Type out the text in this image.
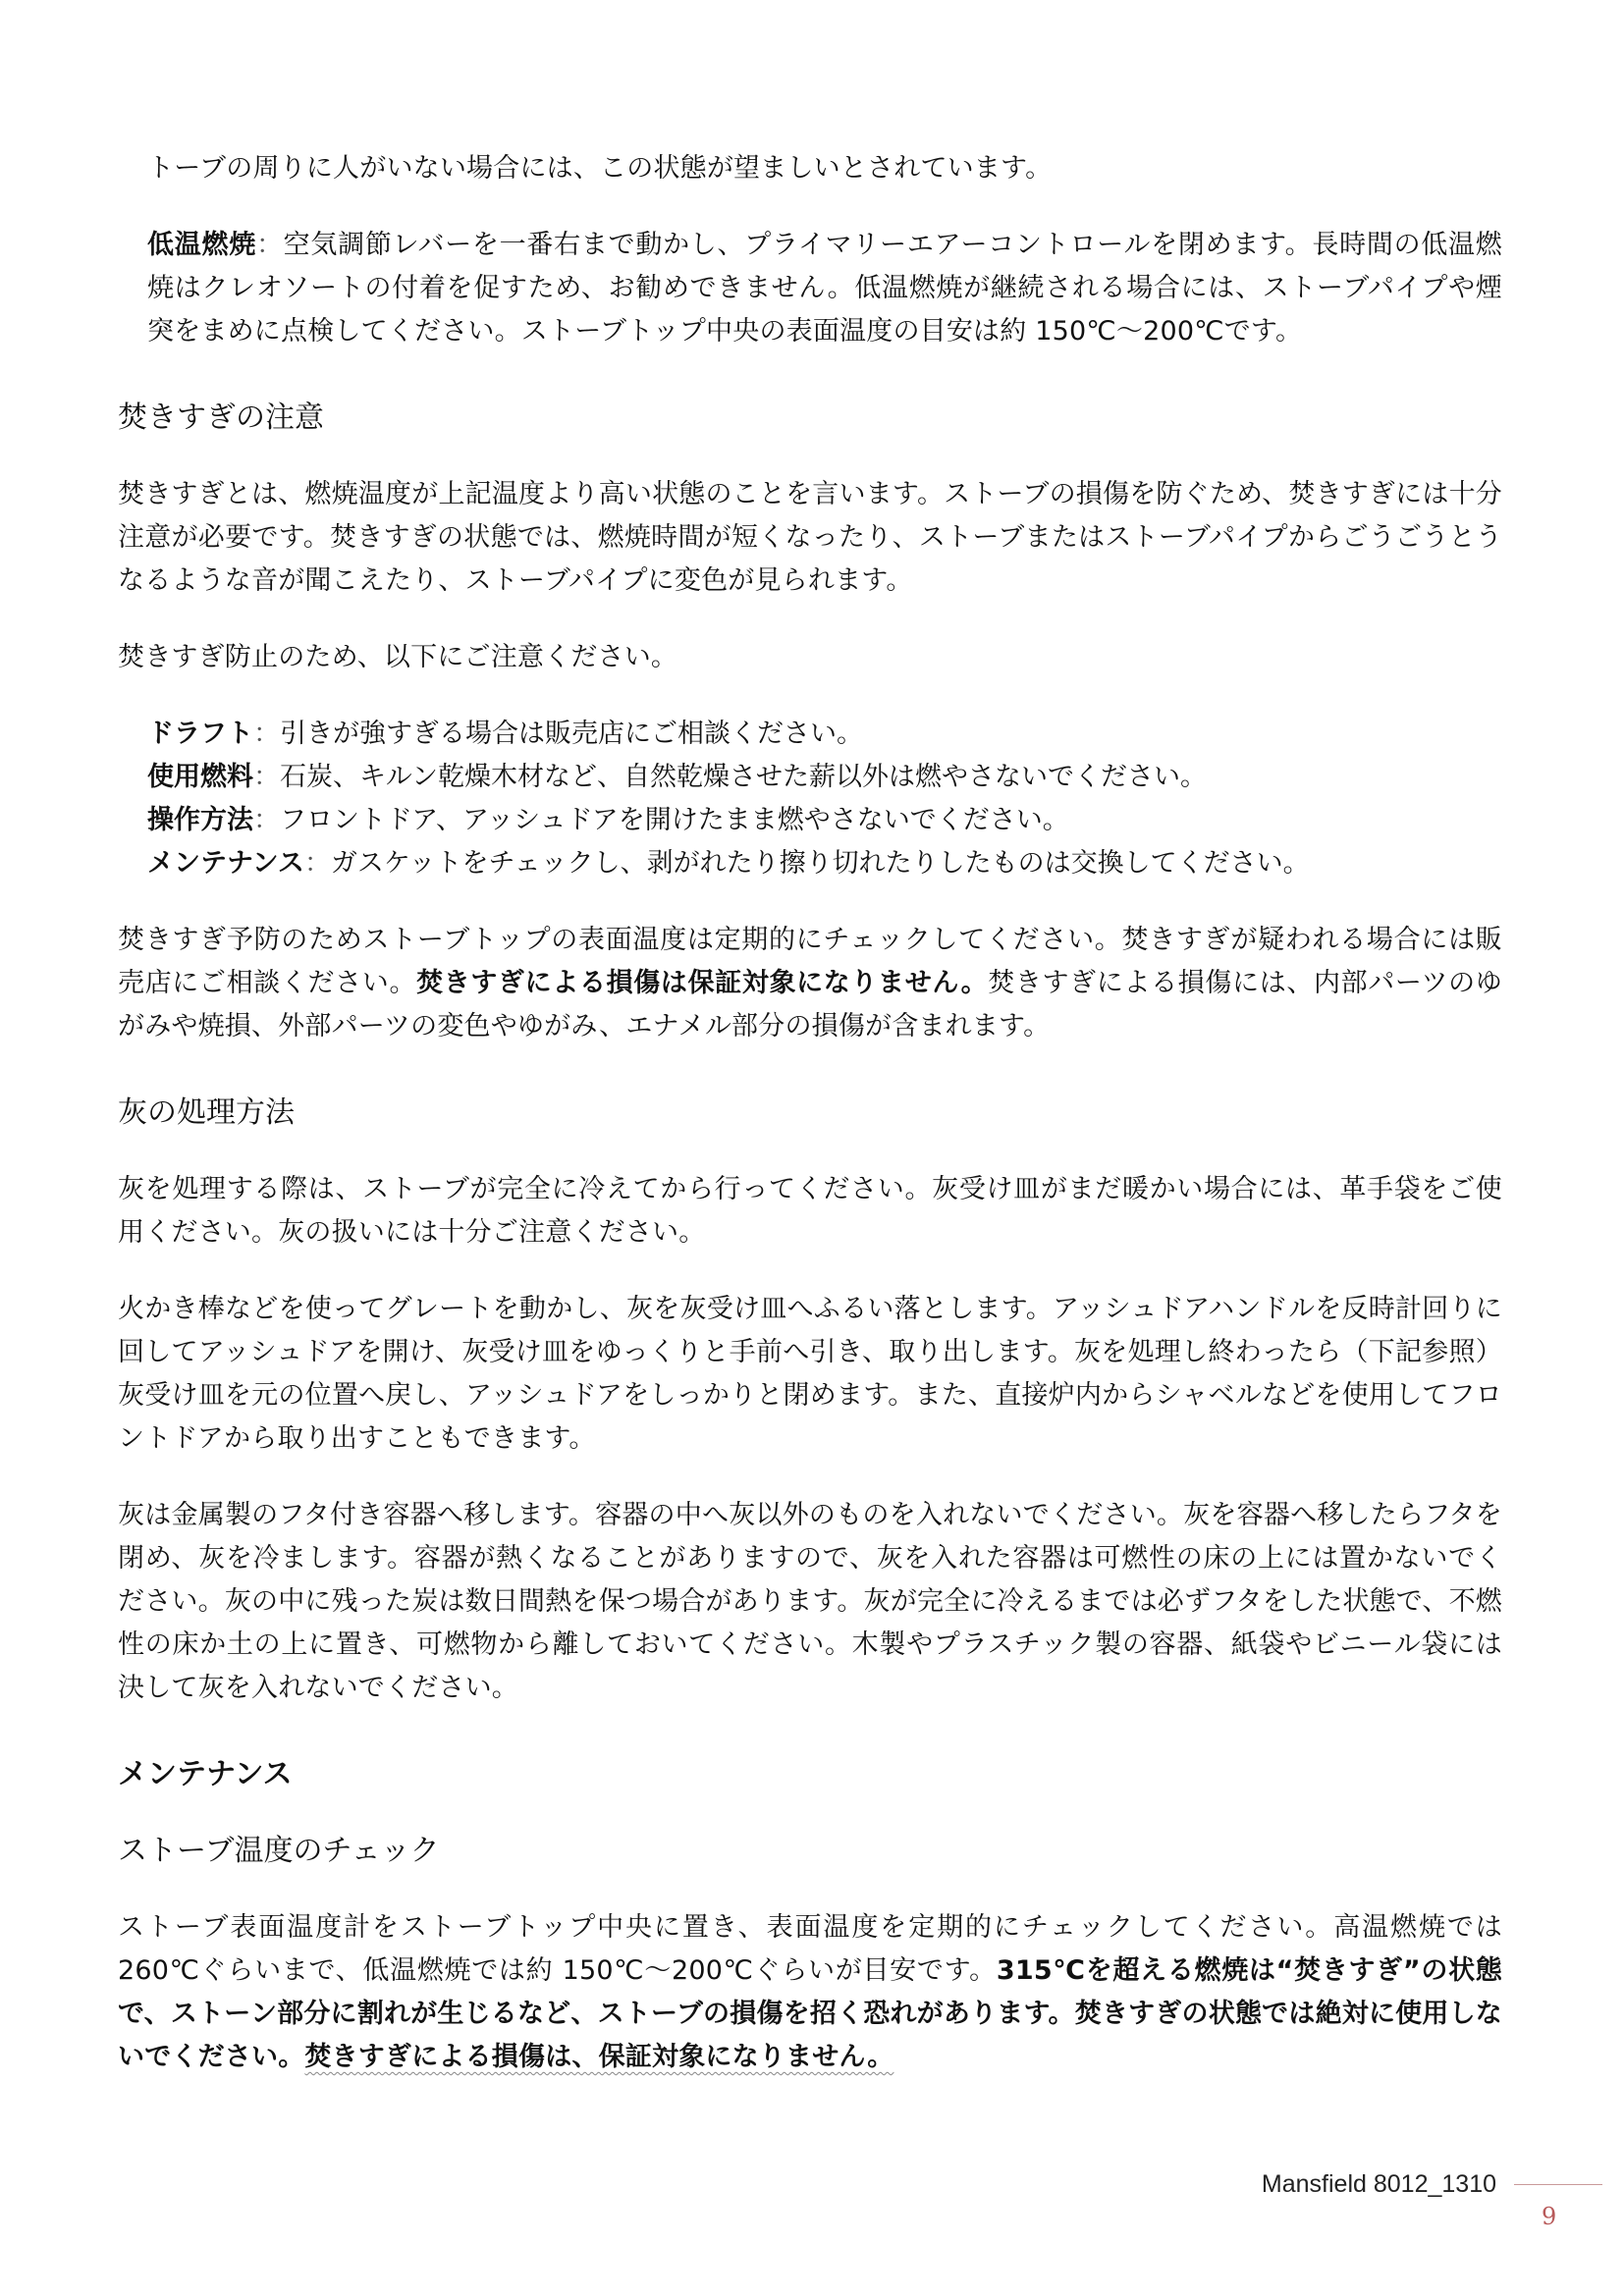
トーブの周りに人がいない場合には、この状態が望ましいとされています。

低温燃焼：空気調節レバーを一番右まで動かし、プライマリーエアーコントロールを閉めます。長時間の低温燃焼はクレオソートの付着を促すため、お勧めできません。低温燃焼が継続される場合には、ストーブパイプや煙突をまめに点検してください。ストーブトップ中央の表面温度の目安は約 150℃～200℃です。

焚きすぎの注意

焚きすぎとは、燃焼温度が上記温度より高い状態のことを言います。ストーブの損傷を防ぐため、焚きすぎには十分注意が必要です。焚きすぎの状態では、燃焼時間が短くなったり、ストーブまたはストーブパイプからごうごうとうなるような音が聞こえたり、ストーブパイプに変色が見られます。

焚きすぎ防止のため、以下にご注意ください。

ドラフト：引きが強すぎる場合は販売店にご相談ください。

使用燃料：石炭、キルン乾燥木材など、自然乾燥させた薪以外は燃やさないでください。

操作方法：フロントドア、アッシュドアを開けたまま燃やさないでください。

メンテナンス：ガスケットをチェックし、剥がれたり擦り切れたりしたものは交換してください。

焚きすぎ予防のためストーブトップの表面温度は定期的にチェックしてください。焚きすぎが疑われる場合には販売店にご相談ください。焚きすぎによる損傷は保証対象になりません。焚きすぎによる損傷には、内部パーツのゆがみや焼損、外部パーツの変色やゆがみ、エナメル部分の損傷が含まれます。

灰の処理方法

灰を処理する際は、ストーブが完全に冷えてから行ってください。灰受け皿がまだ暖かい場合には、革手袋をご使用ください。灰の扱いには十分ご注意ください。

火かき棒などを使ってグレートを動かし、灰を灰受け皿へふるい落とします。アッシュドアハンドルを反時計回りに回してアッシュドアを開け、灰受け皿をゆっくりと手前へ引き、取り出します。灰を処理し終わったら（下記参照）灰受け皿を元の位置へ戻し、アッシュドアをしっかりと閉めます。また、直接炉内からシャベルなどを使用してフロントドアから取り出すこともできます。

灰は金属製のフタ付き容器へ移します。容器の中へ灰以外のものを入れないでください。灰を容器へ移したらフタを閉め、灰を冷まします。容器が熱くなることがありますので、灰を入れた容器は可燃性の床の上には置かないでください。灰の中に残った炭は数日間熱を保つ場合があります。灰が完全に冷えるまでは必ずフタをした状態で、不燃性の床か土の上に置き、可燃物から離しておいてください。木製やプラスチック製の容器、紙袋やビニール袋には決して灰を入れないでください。

メンテナンス
ストーブ温度のチェック

ストーブ表面温度計をストーブトップ中央に置き、表面温度を定期的にチェックしてください。高温燃焼では 260℃ぐらいまで、低温燃焼では約 150℃～200℃ぐらいが目安です。315℃を超える燃焼は“焚きすぎ”の状態で、ストーン部分に割れが生じるなど、ストーブの損傷を招く恐れがあります。焚きすぎの状態では絶対に使用しないでください。焚きすぎによる損傷は、保証対象になりません。

Mansfield 8012_1310
9
